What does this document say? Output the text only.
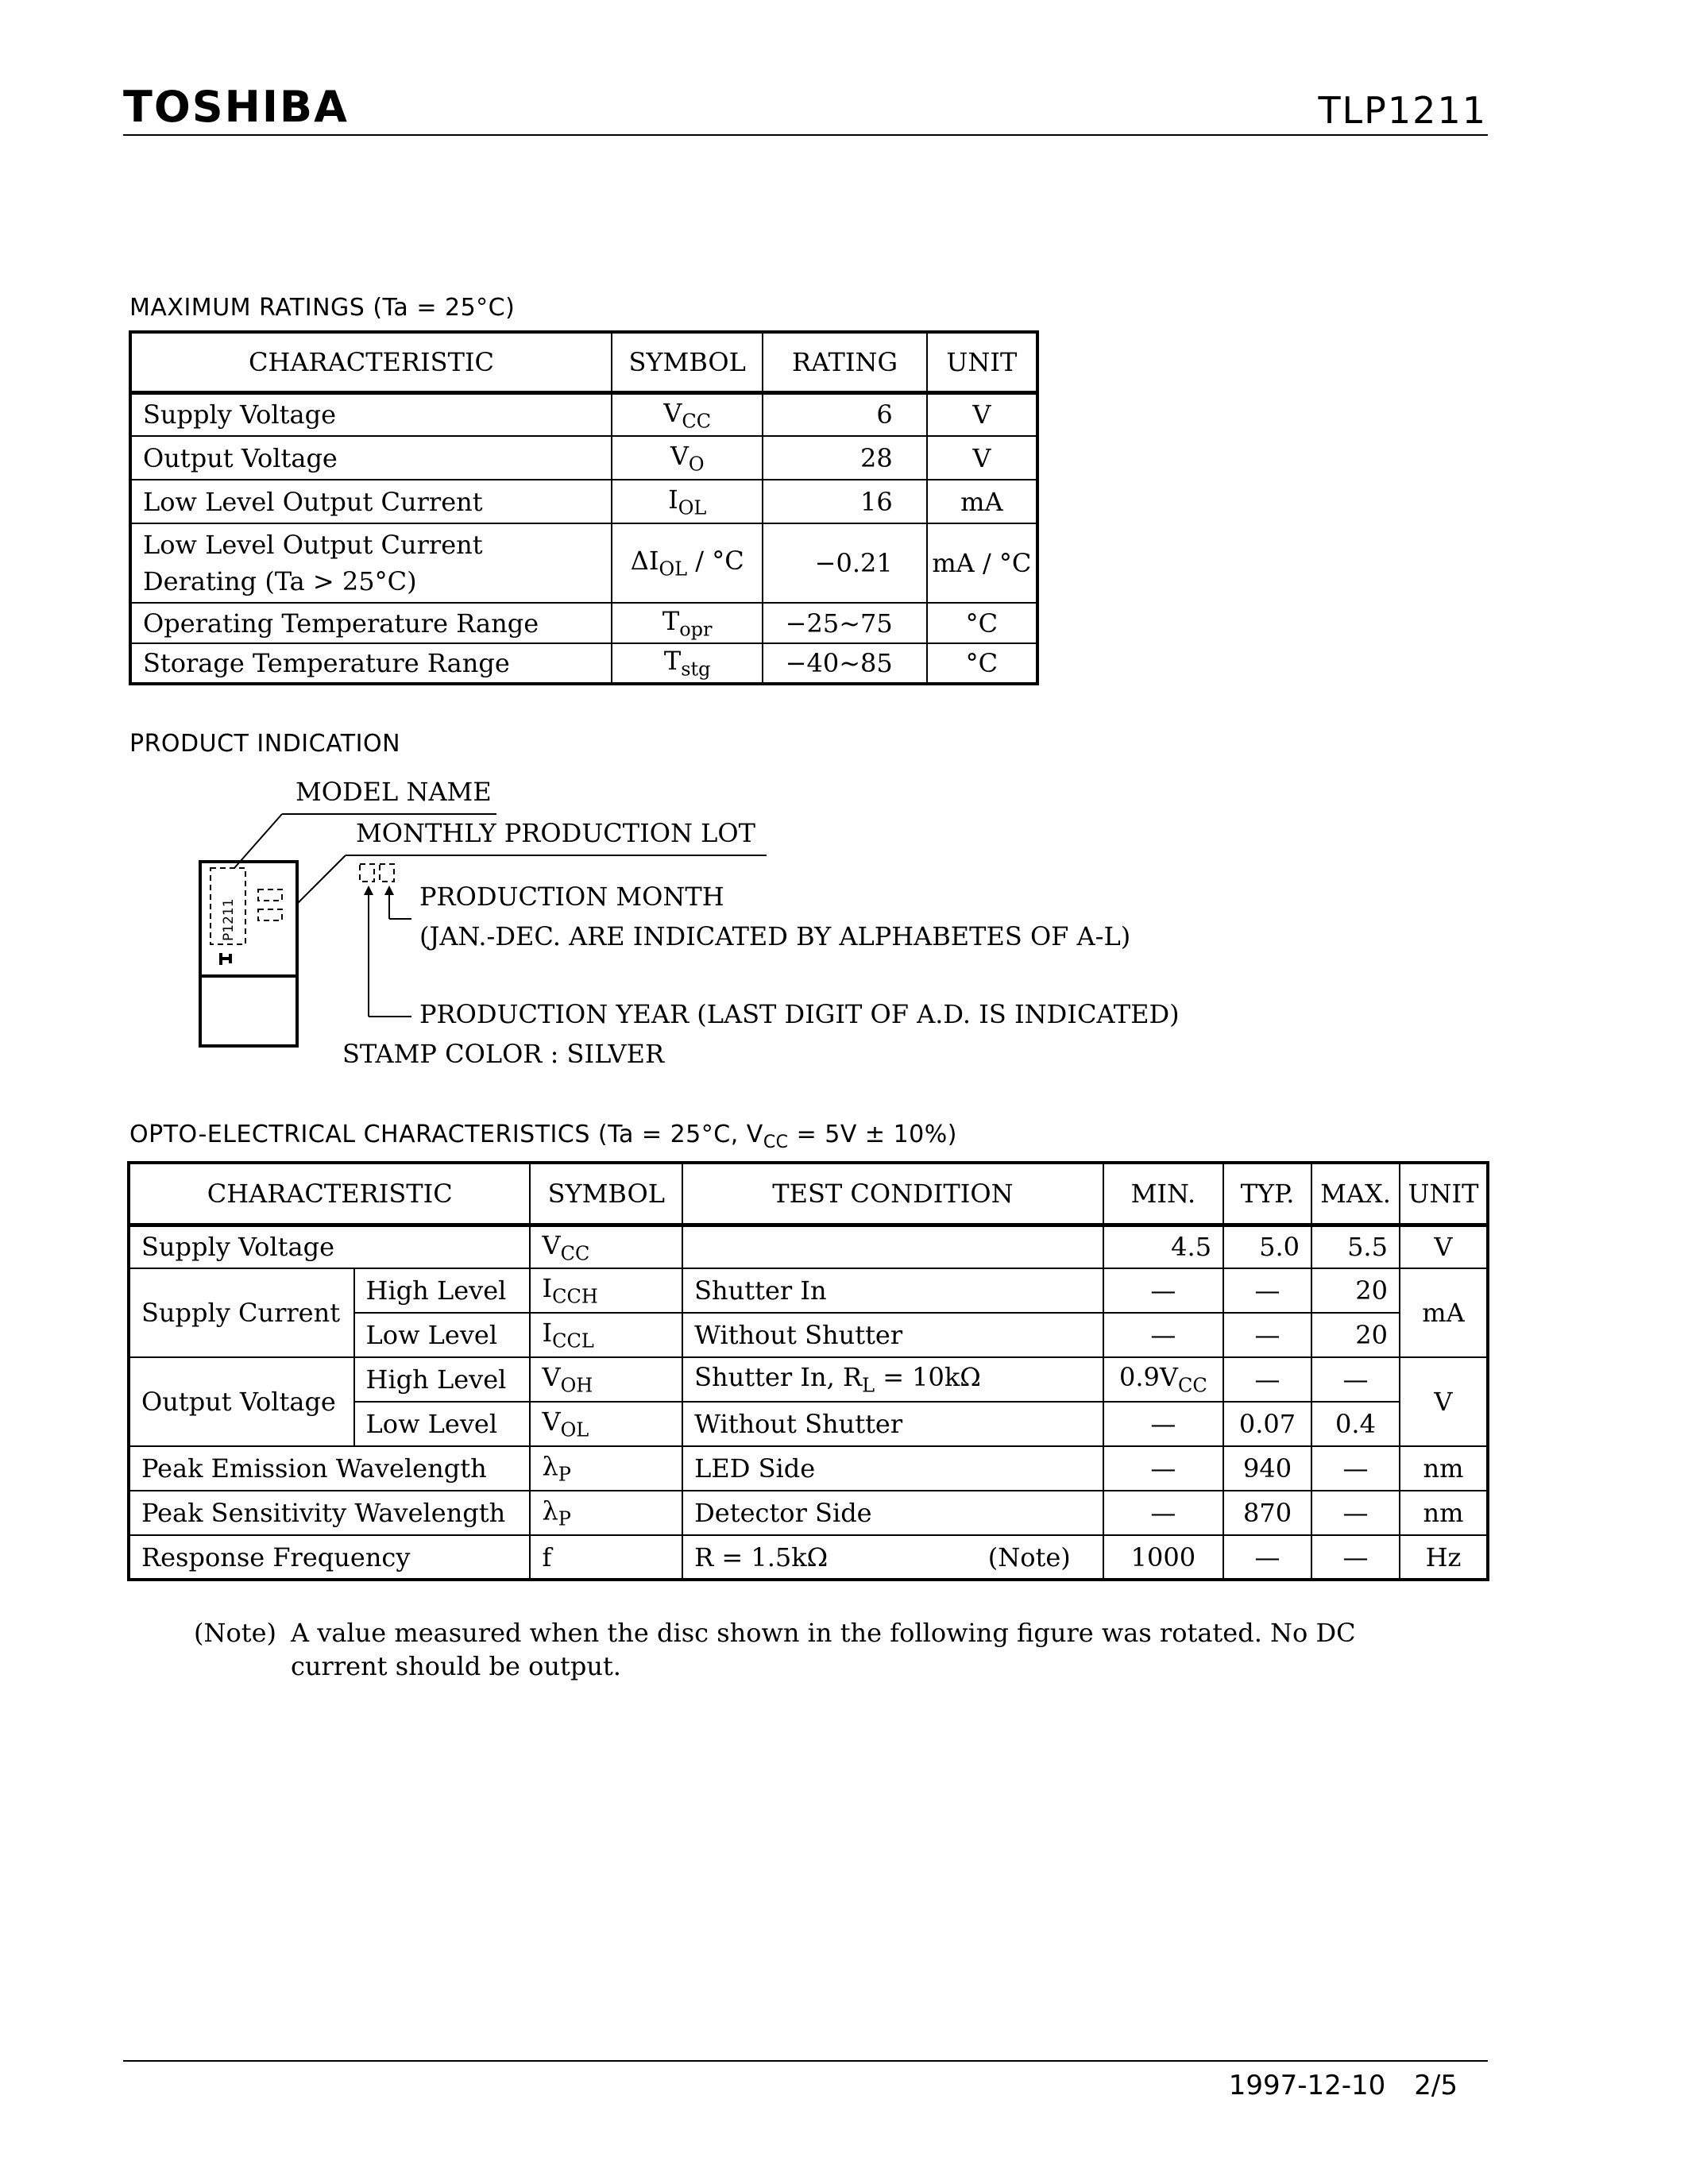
TOSHIBA	TLP1211
MAXIMUM RATINGS (Ta = 25°C)
CHARACTERISTIC	SYMBOL	RATING	UNIT
Supply Voltage	$V_{CC}$	6	V
Output Voltage	$V_O$	28	V
Low Level Output Current	$I_{OL}$	16	mA
Low Level Output Current
Derating (Ta > 25°C)	$\Delta I_{OL} / ^\circ C$	−0.21	mA / °C
Operating Temperature Range	$T_{opr}$	−25~75	°C
Storage Temperature Range	$T_{stg}$	−40~85	°C
PRODUCT INDICATION
P1211
MODEL NAME
MONTHLY PRODUCTION LOT
PRODUCTION MONTH
(JAN.-DEC. ARE INDICATED BY ALPHABETES OF A-L)
PRODUCTION YEAR (LAST DIGIT OF A.D. IS INDICATED)
STAMP COLOR : SILVER
OPTO-ELECTRICAL CHARACTERISTICS (Ta = 25°C, $V_{CC} = 5V \pm 10\%$)
CHARACTERISTIC		SYMBOL	TEST CONDITION	MIN.	TYP.	MAX.	UNIT
Supply Voltage		$V_{CC}$		4.5	5.0	5.5	V
Supply Current	High Level	$I_{CCH}$	Shutter In	—	—	20	mA
	Low Level	$I_{CCL}$	Without Shutter	—	—	20	
Output Voltage	High Level	$V_{OH}$	Shutter In, $R_L = 10k\Omega$	$0.9V_{CC}$	—	—	V
	Low Level	$V_{OL}$	Without Shutter	—	0.07	0.4	
Peak Emission Wavelength		$\lambda_P$	LED Side	—	940	—	nm
Peak Sensitivity Wavelength		$\lambda_P$	Detector Side	—	870	—	nm
Response Frequency		f	R = 1.5kΩ (Note)	1000	—	—	Hz
(Note) A value measured when the disc shown in the following figure was rotated. No DC
current should be output.
1997-12-10 2/5
